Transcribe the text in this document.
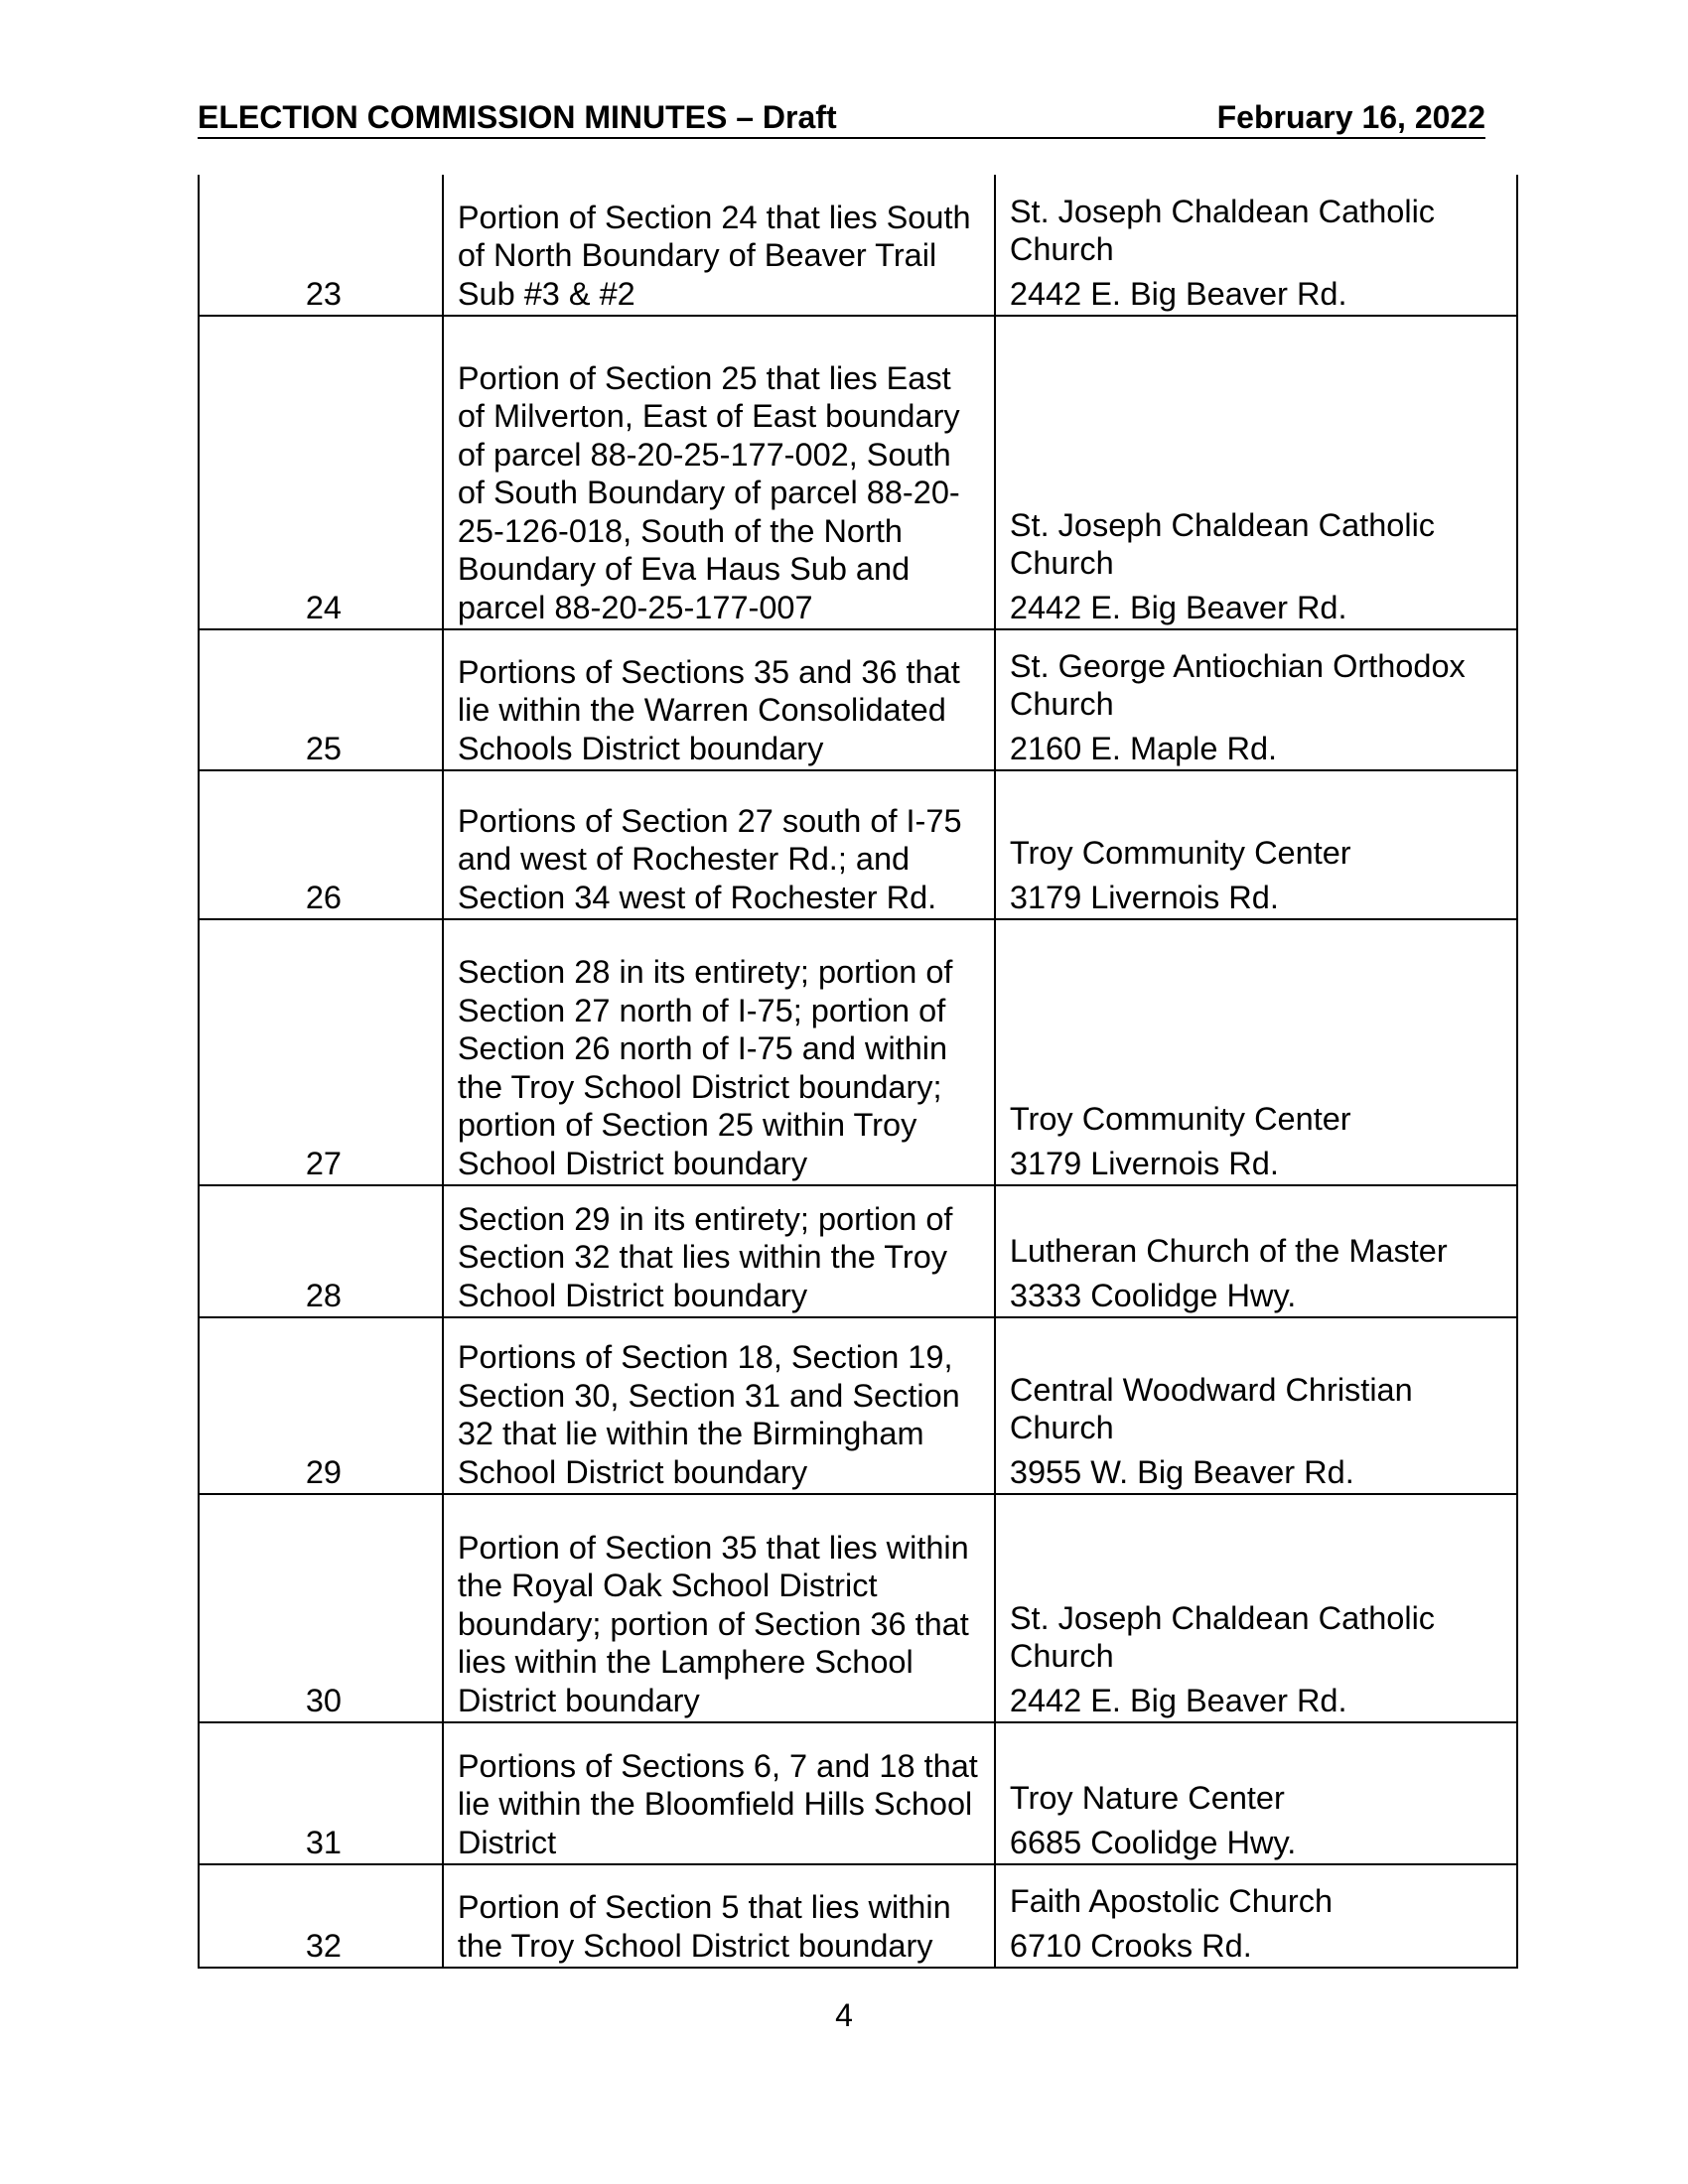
ELECTION COMMISSION MINUTES – Draft	February 16, 2022
23	Portion of Section 24 that lies South of North Boundary of Beaver Trail Sub #3 & #2	St. Joseph Chaldean Catholic Church
2442 E. Big Beaver Rd.

24	Portion of Section 25 that lies East of Milverton, East of East boundary of parcel 88-20-25-177-002, South of South Boundary of parcel 88-20-25-126-018, South of the North Boundary of Eva Haus Sub and parcel 88-20-25-177-007	St. Joseph Chaldean Catholic Church
2442 E. Big Beaver Rd.

25	Portions of Sections 35 and 36 that lie within the Warren Consolidated Schools District boundary	St. George Antiochian Orthodox Church
2160 E. Maple Rd.

26	Portions of Section 27 south of I-75 and west of Rochester Rd.; and Section 34 west of Rochester Rd.	Troy Community Center
3179 Livernois Rd.

27	Section 28 in its entirety; portion of Section 27 north of I-75; portion of Section 26 north of I-75 and within the Troy School District boundary; portion of Section 25 within Troy School District boundary	Troy Community Center
3179 Livernois Rd.

28	Section 29 in its entirety; portion of Section 32 that lies within the Troy School District boundary	Lutheran Church of the Master
3333 Coolidge Hwy.

29	Portions of Section 18, Section 19, Section 30, Section 31 and Section 32 that lie within the Birmingham School District boundary	Central Woodward Christian Church
3955 W. Big Beaver Rd.

30	Portion of Section 35 that lies within the Royal Oak School District boundary; portion of Section 36 that lies within the Lamphere School District boundary	St. Joseph Chaldean Catholic Church
2442 E. Big Beaver Rd.

31	Portions of Sections 6, 7 and 18 that lie within the Bloomfield Hills School District	Troy Nature Center
6685 Coolidge Hwy.

32	Portion of Section 5 that lies within the Troy School District boundary	Faith Apostolic Church
6710 Crooks Rd.
4
